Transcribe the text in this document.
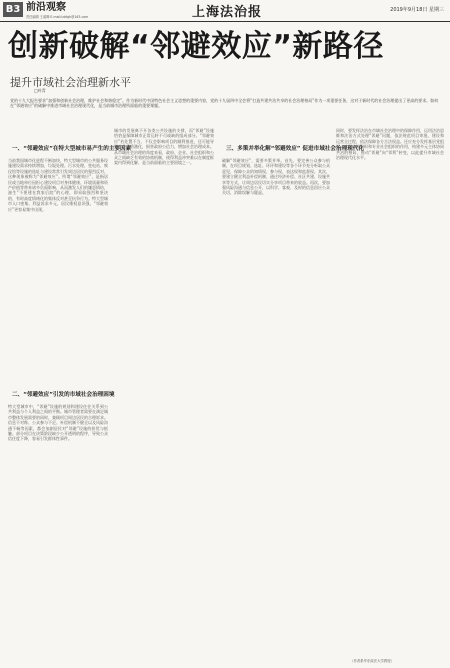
B3 前沿观察
责任编辑 王睿卿 E-mail:lzbfgh@163.com	上海法治报	2019年9月18日 星期三
创新破解“邻避效应”新路径
提升市域社会治理新水平
□叶青
党的十九大报告要求“加强和创新社会治理，维护社会和谐稳定”。作为新时代中国特色社会主义思想的重要内容，党的十九届四中全会将“打造共建共治共享的社会治理格局”作为一项重要任务，这对于新时代的社会治理提出了更高的要求。如何在“邻避效应”的破解中推进市域社会治理现代化，是当前城市治理所面临的重要课题。
一、“邻避效应”在特大型城市易产生的主要因素
当前我国城市化进程不断加快，特大型城市的公共服务设施建设需求持续增加，垃圾处理、污水处理、变电站、殡仪馆等设施的选址与建设常常引发周边居民的强烈反对，这种现象被称为“邻避效应”。所谓“邻避效应”，是指居民或当地单位因担心建设项目对身体健康、环境质量和资产价值等带来诸多负面影响，从而激发人们的嫌恶情结，滋生“不要建在我家后院”的心理，即采取强烈和坚决的、有时高度情绪化的集体反对甚至抗争行为。特大型城市人口密集、利益诉求多元，居民维权意识强，“邻避效应”更容易集中出现。
二、“邻避效应”引发的市域社会治理困境
特大型城市中，“邻避”设施的规划和建设往往关系到公共利益与个人利益之间的平衡。城市管理者需要在满足城市整体发展需要的同时，兼顾项目周边居民的合理诉求。信息不对称、公众参与不足、补偿机制不健全以及风险沟通不畅等因素，都会加剧居民对“邻避”设施的担忧与抵触。部分项目在决策阶段缺少公开透明的程序，导致公众信任度下降，容易引发群体性事件。
城市的发展离不开各类公共设施的支撑，而“邻避”设施恰恰是保障城市正常运转不可或缺的组成部分。“邻避效应”若处置不当，不仅会影响项目的顺利推进，还可能导致社会矛盾激化，损害政府公信力，增加社会治理成本。从市域社会治理的角度来看，政府、企业、社会组织和公众之间缺乏有效的协商机制，使得利益冲突难以在制度框架内得到化解，是当前面临的主要困境之一。
三、多策并举化解“邻避效应” 促进市域社会治理现代化
破解“邻避效应”，需要多策并举。首先，要完善公众参与机制，在项目规划、选址、环评和建设等各个环节充分听取公众意见，保障公众的知情权、参与权、表达权和监督权。其次，要建立健全利益补偿机制，通过经济补偿、社区共建、设施共享等方式，让周边居民切实分享项目带来的收益。再次，要加强风险沟通与信息公开，以科学、客观、及时的信息回应公众关切，消除误解与疑虑。
同时，要发挥法治在市域社会治理中的保障作用，运用法治思维和法治方式处理“邻避”问题，依法规范项目审批、建设和运营全过程，依法保障各方合法权益。还应充分发挥基层党组织、社区自治组织和专业社会组织的作用，构建多元主体协同共治的格局，推动“邻避”向“邻利”转变，以此提升市域社会治理现代化水平。
（作者系华东政法大学教授）
